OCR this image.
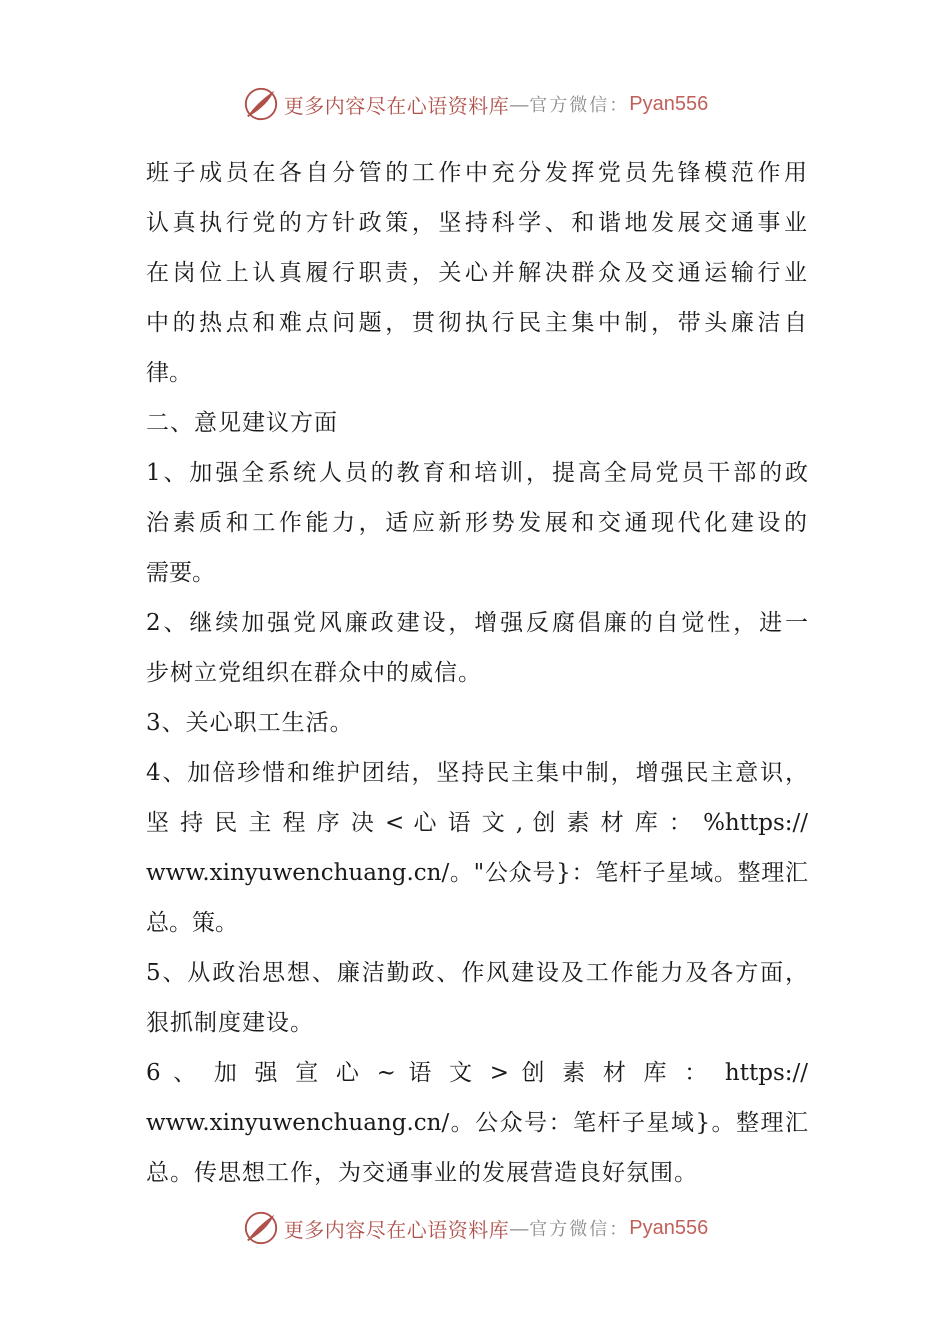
更多内容尽在心语资料库 — 官方微信： Pyan556
班子成员在各自分管的工作中充分发挥党员先锋模范作用
认真执行党的方针政策，坚持科学、和谐地发展交通事业
在岗位上认真履行职责，关心并解决群众及交通运输行业
中的热点和难点问题，贯彻执行民主集中制，带头廉洁自
律。
二、意见建议方面
1、加强全系统人员的教育和培训，提高全局党员干部的政
治素质和工作能力，适应新形势发展和交通现代化建设的
需要。
2、继续加强党风廉政建设，增强反腐倡廉的自觉性，进一
步树立党组织在群众中的威信。
3、关心职工生活。
4、加倍珍惜和维护团结，坚持民主集中制，增强民主意识，
坚 持 民 主 程 序 决 < 心 语 文 , 创 素 材 库 ： %https://
www.xinyuwenchuang.cn/。"公众号}：笔杆子星域。整理汇
总。策。
5、从政治思想、廉洁勤政、作风建设及工作能力及各方面，
狠抓制度建设。
6 、 加 强 宣 心 ~ 语 文 > 创 素 材 库 ： https://
www.xinyuwenchuang.cn/。公众号：笔杆子星域}。整理汇
总。传思想工作，为交通事业的发展营造良好氛围。
更多内容尽在心语资料库 — 官方微信： Pyan556
